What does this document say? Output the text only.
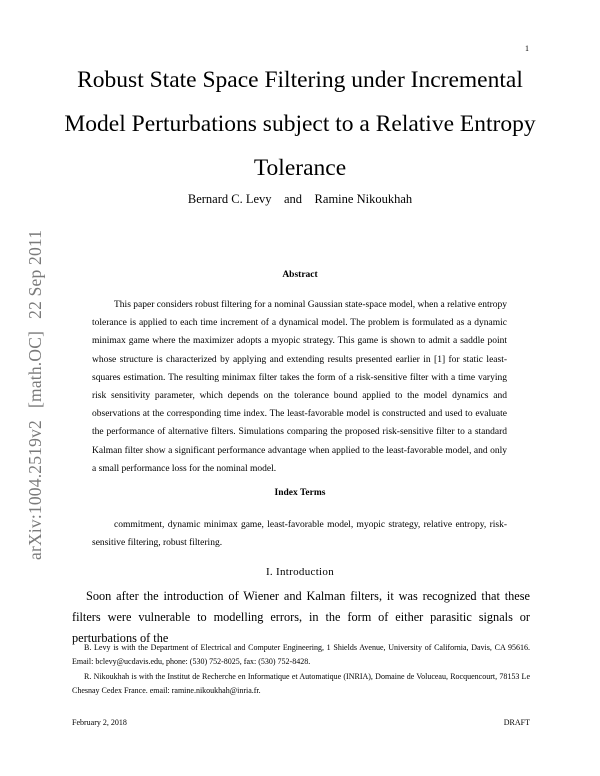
1
arXiv:1004.2519v2[math.OC]22 Sep 2011
Robust State Space Filtering under Incremental Model Perturbations subject to a Relative Entropy Tolerance
Bernard C. Levy    and    Ramine Nikoukhah
Abstract

This paper considers robust filtering for a nominal Gaussian state-space model, when a relative entropy tolerance is applied to each time increment of a dynamical model. The problem is formulated as a dynamic minimax game where the maximizer adopts a myopic strategy. This game is shown to admit a saddle point whose structure is characterized by applying and extending results presented earlier in [1] for static least-squares estimation. The resulting minimax filter takes the form of a risk-sensitive filter with a time varying risk sensitivity parameter, which depends on the tolerance bound applied to the model dynamics and observations at the corresponding time index. The least-favorable model is constructed and used to evaluate the performance of alternative filters. Simulations comparing the proposed risk-sensitive filter to a standard Kalman filter show a significant performance advantage when applied to the least-favorable model, and only a small performance loss for the nominal model.

Index Terms

commitment, dynamic minimax game, least-favorable model, myopic strategy, relative entropy, risk-sensitive filtering, robust filtering.

I. Introduction

Soon after the introduction of Wiener and Kalman filters, it was recognized that these filters were vulnerable to modelling errors, in the form of either parasitic signals or perturbations of the

B. Levy is with the Department of Electrical and Computer Engineering, 1 Shields Avenue, University of California, Davis, CA 95616. Email: bclevy@ucdavis.edu, phone: (530) 752-8025, fax: (530) 752-8428.

R. Nikoukhah is with the Institut de Recherche en Informatique et Automatique (INRIA), Domaine de Voluceau, Rocquencourt, 78153 Le Chesnay Cedex France. email: ramine.nikoukhah@inria.fr.

February 2, 2018	DRAFT
